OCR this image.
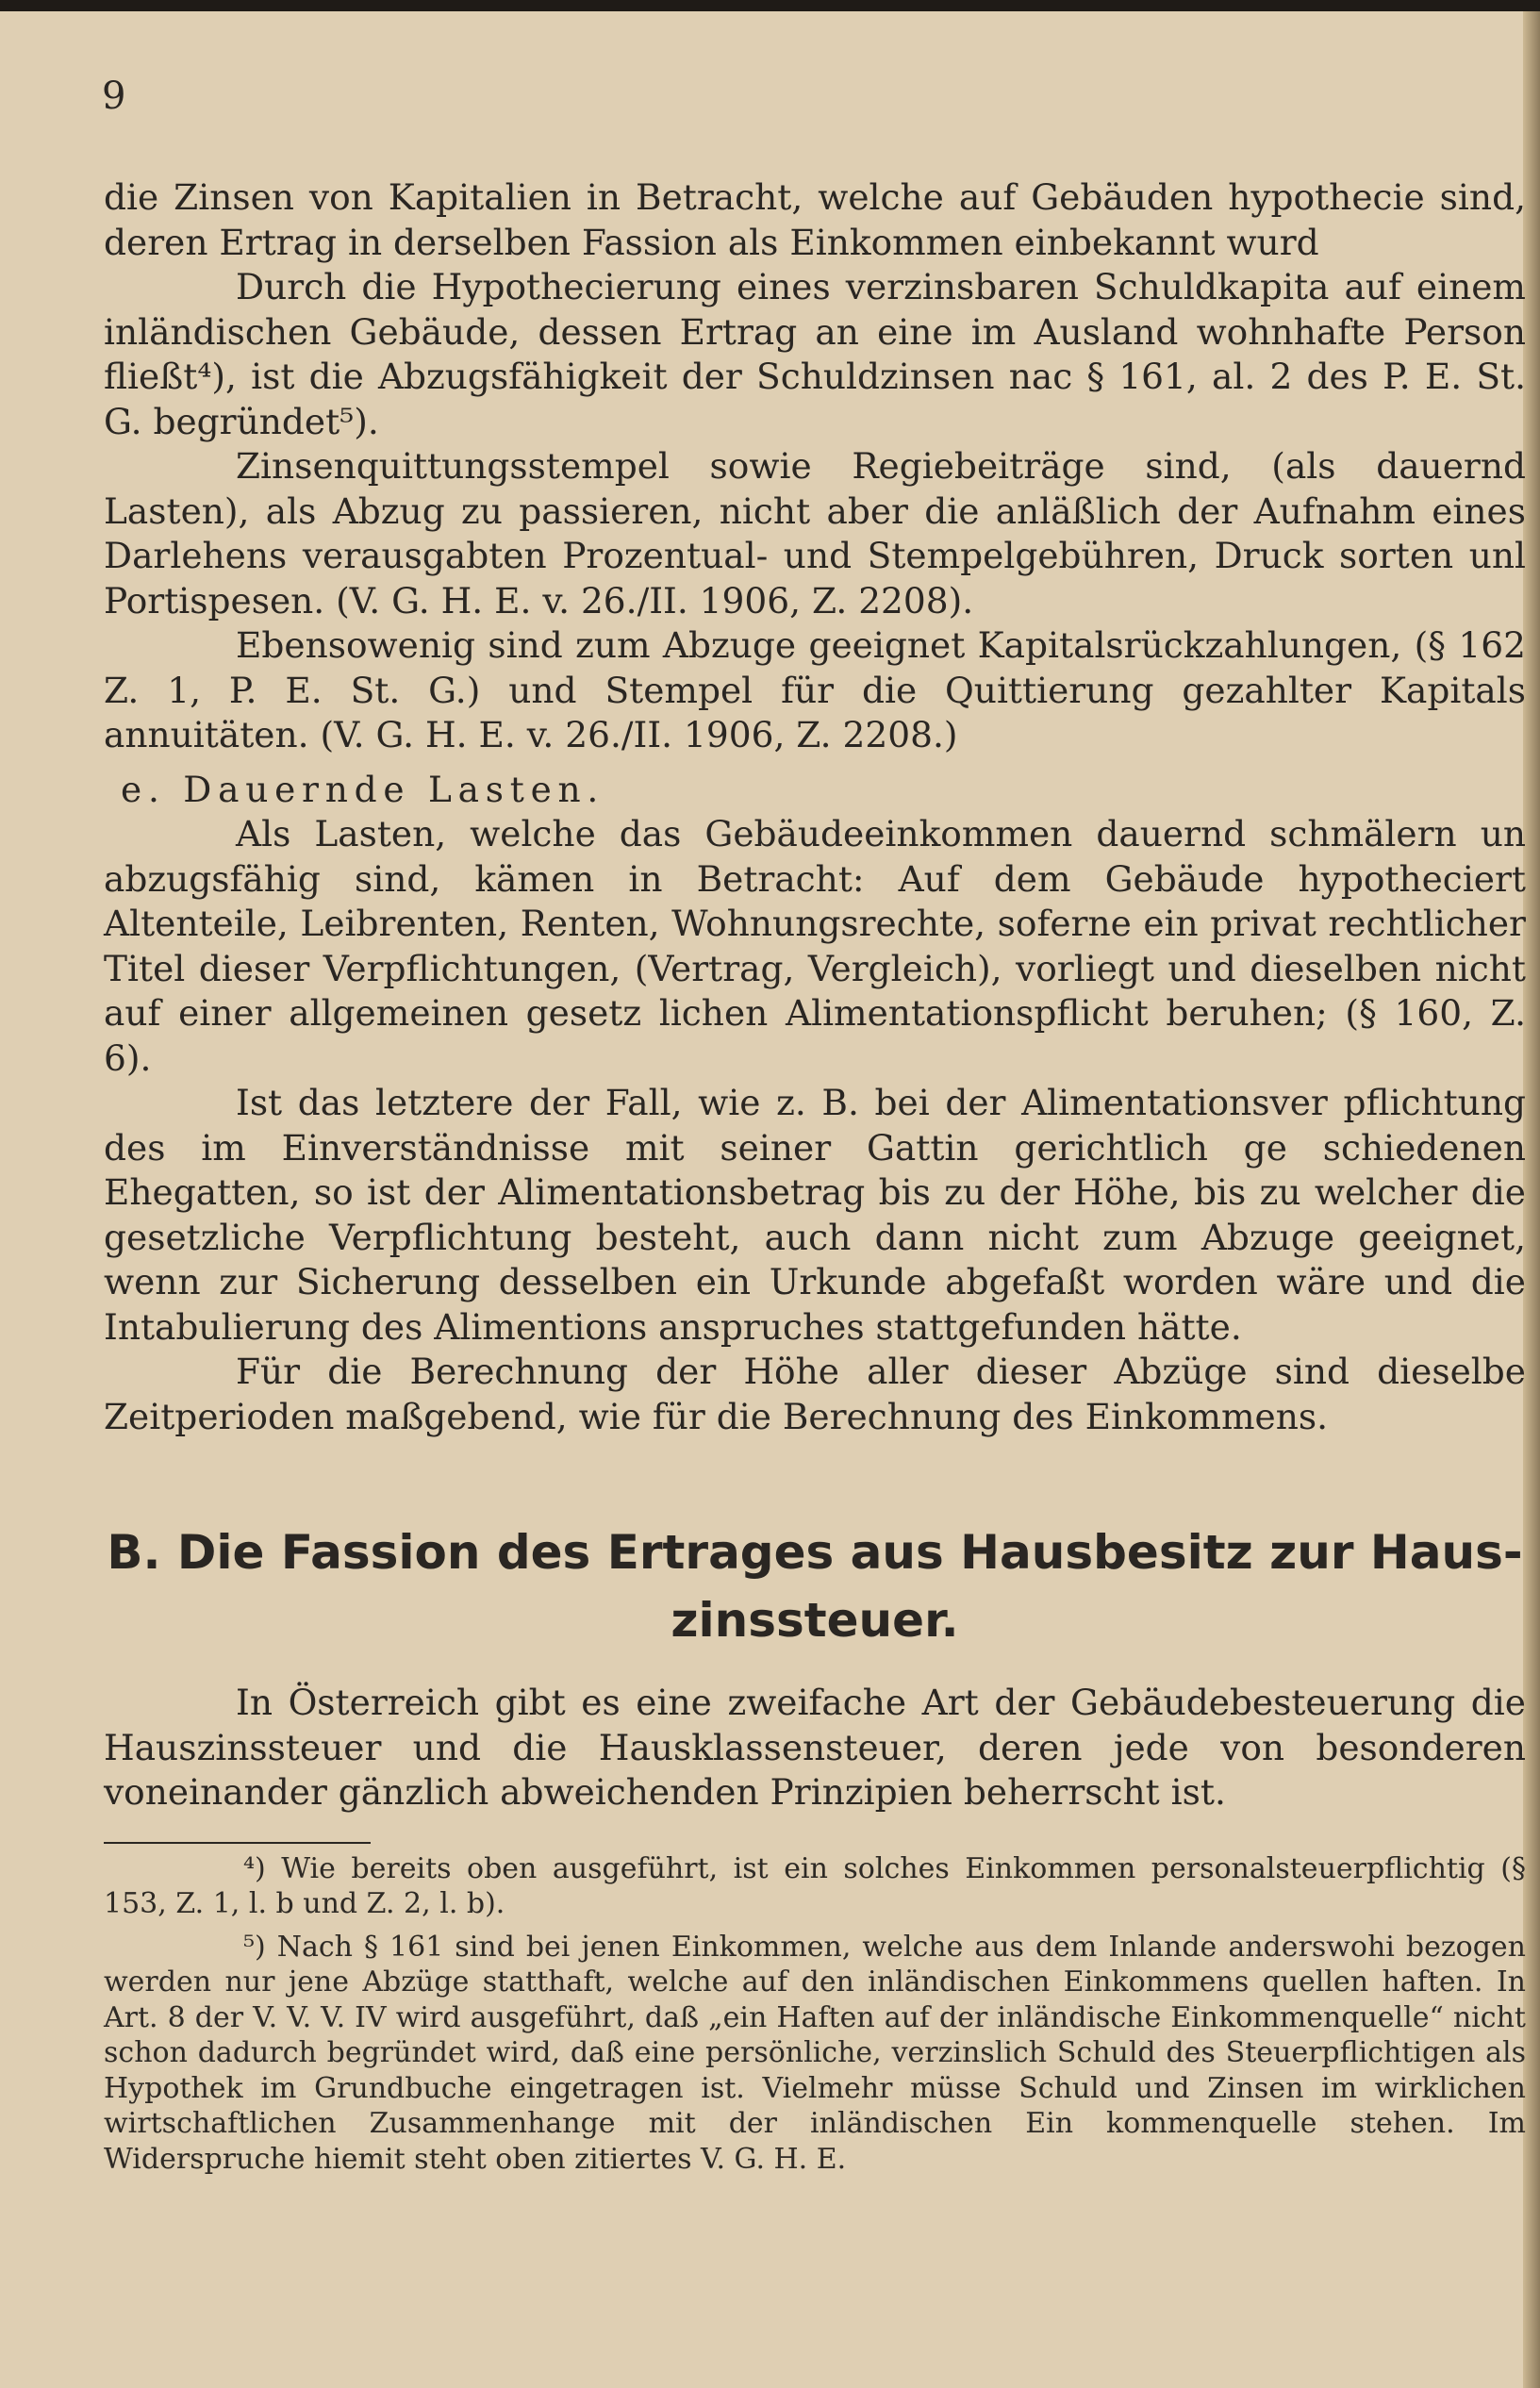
9

die Zinsen von Kapitalien in Betracht, welche auf Gebäuden hypothecie sind, deren Ertrag in derselben Fassion als Einkommen einbekannt wurd

Durch die Hypothecierung eines verzinsbaren Schuldkapita auf einem inländischen Gebäude, dessen Ertrag an eine im Ausland wohnhafte Person fließt⁴), ist die Abzugsfähigkeit der Schuldzinsen nac § 161, al. 2 des P. E. St. G. begründet⁵).

Zinsenquittungsstempel sowie Regiebeiträge sind, (als dauernd Lasten), als Abzug zu passieren, nicht aber die anläßlich der Aufnahm eines Darlehens verausgabten Prozentual- und Stempelgebühren, Druck sorten unl Portispesen. (V. G. H. E. v. 26./II. 1906, Z. 2208).

Ebensowenig sind zum Abzuge geeignet Kapitalsrückzahlungen, (§ 162 Z. 1, P. E. St. G.) und Stempel für die Quittierung gezahlter Kapitals annuitäten. (V. G. H. E. v. 26./II. 1906, Z. 2208.)

e. Dauernde Lasten.

Als Lasten, welche das Gebäudeeinkommen dauernd schmälern un abzugsfähig sind, kämen in Betracht: Auf dem Gebäude hypotheciert Altenteile, Leibrenten, Renten, Wohnungsrechte, soferne ein privat rechtlicher Titel dieser Verpflichtungen, (Vertrag, Vergleich), vorliegt und dieselben nicht auf einer allgemeinen gesetz lichen Alimentationspflicht beruhen; (§ 160, Z. 6).

Ist das letztere der Fall, wie z. B. bei der Alimentationsver pflichtung des im Einverständnisse mit seiner Gattin gerichtlich ge schiedenen Ehegatten, so ist der Alimentationsbetrag bis zu der Höhe, bis zu welcher die gesetzliche Verpflichtung besteht, auch dann nicht zum Abzuge geeignet, wenn zur Sicherung desselben ein Urkunde abgefaßt worden wäre und die Intabulierung des Alimentions anspruches stattgefunden hätte.

Für die Berechnung der Höhe aller dieser Abzüge sind dieselbe Zeitperioden maßgebend, wie für die Berechnung des Einkommens.

B. Die Fassion des Ertrages aus Hausbesitz zur Haus-
zinssteuer.

In Österreich gibt es eine zweifache Art der Gebäudebesteuerung die Hauszinssteuer und die Hausklassensteuer, deren jede von besonderen voneinander gänzlich abweichenden Prinzipien beherrscht ist.

⁴) Wie bereits oben ausgeführt, ist ein solches Einkommen personalsteuerpflichtig (§ 153, Z. 1, l. b und Z. 2, l. b).

⁵) Nach § 161 sind bei jenen Einkommen, welche aus dem Inlande anderswohi bezogen werden nur jene Abzüge statthaft, welche auf den inländischen Einkommens quellen haften. In Art. 8 der V. V. V. IV wird ausgeführt, daß „ein Haften auf der inländische Einkommenquelle“ nicht schon dadurch begründet wird, daß eine persönliche, verzinslich Schuld des Steuerpflichtigen als Hypothek im Grundbuche eingetragen ist. Vielmehr müsse Schuld und Zinsen im wirklichen wirtschaftlichen Zusammenhange mit der inländischen Ein kommenquelle stehen. Im Widerspruche hiemit steht oben zitiertes V. G. H. E.
